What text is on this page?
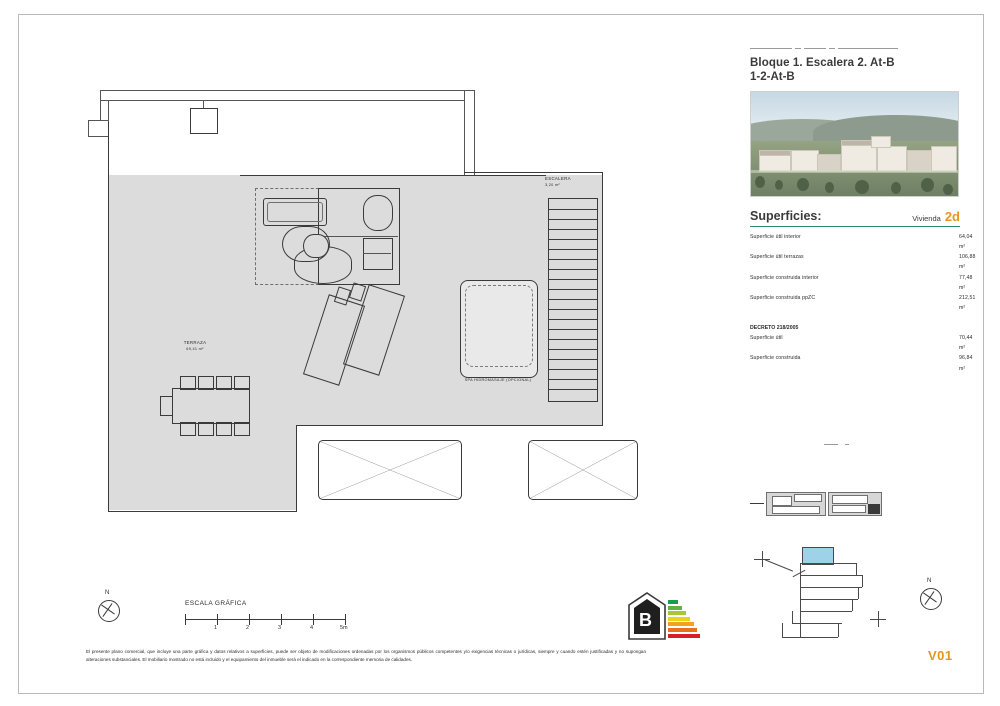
SPA HIDROMASAJE (OPCIONAL)
ESCALERA
3,20 m²
TERRAZA
69,41 m²
N
ESCALA GRÁFICA
1	2	3	4	5m	B
El presente plano comercial, que incluye una parte gráfica y datos relativos a superficies, puede ser objeto de modificaciones ordenadas por los organismos públicos competentes y/o exigencias técnicas o jurídicas, siempre y cuando estén justificadas y no supongan alteraciones substanciales. El mobiliario mostrado no está incluido y el equipamiento del inmueble será el indicado en la correspondiente memoria de calidades.
Bloque 1. Escalera 2. At-B
1-2-At-B
Superficies:	Vivienda 2d
Superficie útil interior	64,04 m²
Superficie útil terrazas	106,88 m²
Superficie construida interior	77,48 m²
Superficie construida ppZC	212,51 m²
DECRETO 218/2005
Superficie útil	70,44 m²
Superficie construida	96,84 m²
N
V01
